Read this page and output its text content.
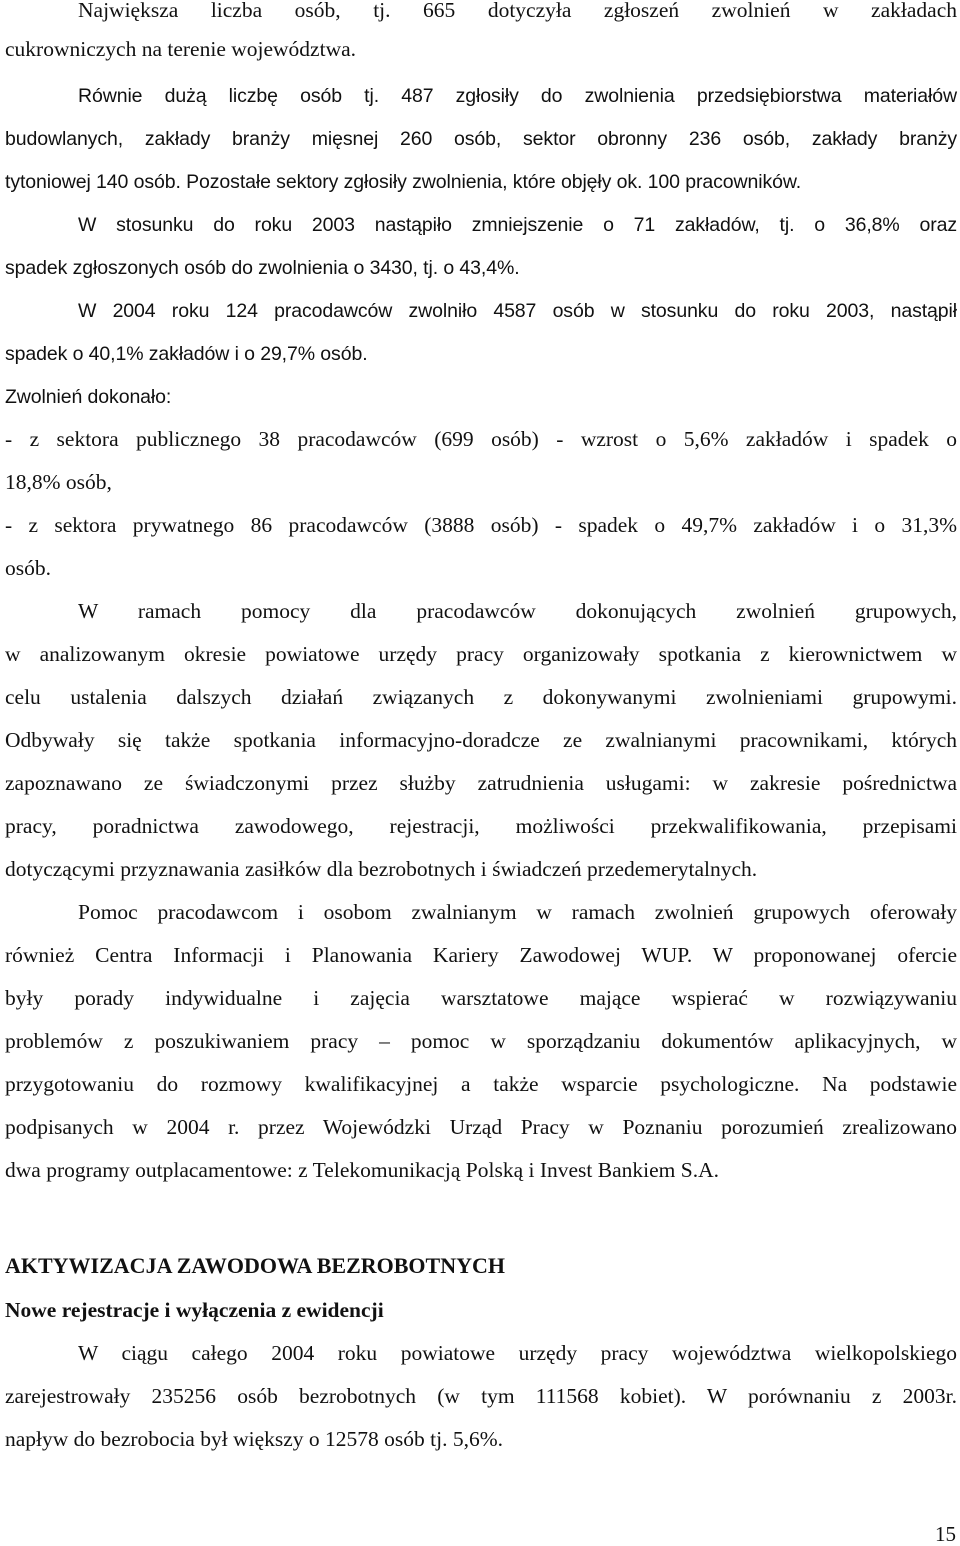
Największa liczba osób, tj. 665 dotyczyła zgłoszeń zwolnień w zakładach
cukrowniczych na terenie województwa.
Równie dużą liczbę osób tj. 487 zgłosiły do zwolnienia przedsiębiorstwa materiałów
budowlanych, zakłady branży mięsnej 260 osób, sektor obronny 236 osób, zakłady branży
tytoniowej 140 osób. Pozostałe sektory zgłosiły zwolnienia, które objęły ok. 100 pracowników.
W stosunku do roku 2003 nastąpiło zmniejszenie o 71 zakładów, tj. o 36,8% oraz
spadek zgłoszonych osób do zwolnienia o 3430, tj. o 43,4%.
W 2004 roku 124 pracodawców zwolniło 4587 osób w stosunku do roku 2003, nastąpił
spadek o 40,1% zakładów i o 29,7% osób.
Zwolnień dokonało:
- z sektora publicznego 38 pracodawców (699 osób) - wzrost o 5,6% zakładów i spadek o
18,8% osób,
- z sektora prywatnego 86 pracodawców (3888 osób) - spadek o 49,7% zakładów i o 31,3%
osób.
W ramach pomocy dla pracodawców dokonujących zwolnień grupowych,
w analizowanym okresie powiatowe urzędy pracy organizowały spotkania z kierownictwem w
celu ustalenia dalszych działań związanych z dokonywanymi zwolnieniami grupowymi.
Odbywały się także spotkania informacyjno-doradcze ze zwalnianymi pracownikami, których
zapoznawano ze świadczonymi przez służby zatrudnienia usługami: w zakresie pośrednictwa
pracy, poradnictwa zawodowego, rejestracji, możliwości przekwalifikowania, przepisami
dotyczącymi przyznawania zasiłków dla bezrobotnych i świadczeń przedemerytalnych.
Pomoc pracodawcom i osobom zwalnianym w ramach zwolnień grupowych oferowały
również Centra Informacji i Planowania Kariery Zawodowej WUP. W proponowanej ofercie
były porady indywidualne i zajęcia warsztatowe mające wspierać w rozwiązywaniu
problemów z poszukiwaniem pracy – pomoc w sporządzaniu dokumentów aplikacyjnych, w
przygotowaniu do rozmowy kwalifikacyjnej a także wsparcie psychologiczne. Na podstawie
podpisanych w 2004 r. przez Wojewódzki Urząd Pracy w Poznaniu porozumień zrealizowano
dwa programy outplacamentowe: z Telekomunikacją Polską i Invest Bankiem S.A.
AKTYWIZACJA ZAWODOWA BEZROBOTNYCH
Nowe rejestracje i wyłączenia z ewidencji
W ciągu całego 2004 roku powiatowe urzędy pracy województwa wielkopolskiego
zarejestrowały 235256 osób bezrobotnych (w tym 111568 kobiet). W porównaniu z 2003r.
napływ do bezrobocia był większy o 12578 osób tj. 5,6%.
15
